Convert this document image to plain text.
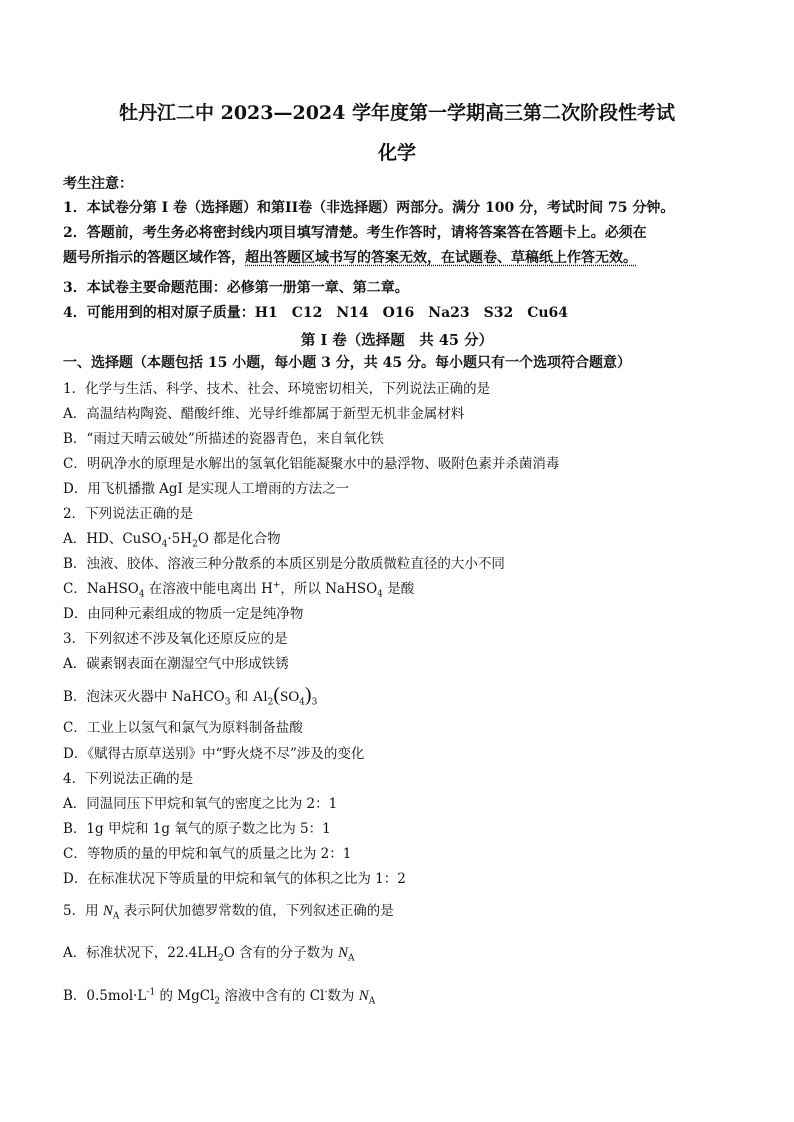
牡丹江二中 2023—2024 学年度第一学期高三第二次阶段性考试
化学
考生注意：
1．本试卷分第 I 卷（选择题）和第II卷（非选择题）两部分。满分 100 分，考试时间 75 分钟。
2．答题前，考生务必将密封线内项目填写清楚。考生作答时，请将答案答在答题卡上。必须在
题号所指示的答题区域作答，超出答题区域书写的答案无效，在试题卷、草稿纸上作答无效。
3．本试卷主要命题范围：必修第一册第一章、第二章。
4．可能用到的相对原子质量：H1　C12　N14　O16　Na23　S32　Cu64
第 I 卷（选择题　共 45 分）
一、选择题（本题包括 15 小题，每小题 3 分，共 45 分。每小题只有一个选项符合题意）
1．化学与生活、科学、技术、社会、环境密切相关，下列说法正确的是
A．高温结构陶瓷、醋酸纤维、光导纤维都属于新型无机非金属材料
B．“雨过天晴云破处”所描述的瓷器青色，来自氧化铁
C．明矾净水的原理是水解出的氢氧化铝能凝聚水中的悬浮物、吸附色素并杀菌消毒
D．用飞机播撒 AgI 是实现人工增雨的方法之一
2．下列说法正确的是
A．HD、$CuSO_4\cdot 5H_2O$ 都是化合物
B．浊液、胶体、溶液三种分散系的本质区别是分散质微粒直径的大小不同
C．NaHSO$_4$ 在溶液中能电离出 H+，所以 NaHSO$_4$ 是酸
D．由同种元素组成的物质一定是纯净物
3．下列叙述不涉及氧化还原反应的是
A．碳素钢表面在潮湿空气中形成铁锈
B．泡沫灭火器中 NaHCO$_3$ 和 $Al_2(SO_4)_3$
C．工业上以氢气和氯气为原料制备盐酸
D．《赋得古原草送别》中“野火烧不尽”涉及的变化
4．下列说法正确的是
A．同温同压下甲烷和氧气的密度之比为 2：1
B．1g 甲烷和 1g 氧气的原子数之比为 5：1
C．等物质的量的甲烷和氧气的质量之比为 2：1
D．在标准状况下等质量的甲烷和氧气的体积之比为 1：2
5．用 $N_A$ 表示阿伏加德罗常数的值，下列叙述正确的是
A．标准状况下，$22.4LH_2O$ 含有的分子数为 $N_A$
B．$0.5mol\cdot L^{-1}$ 的 MgCl$_2$ 溶液中含有的 Cl-数为 $N_A$
